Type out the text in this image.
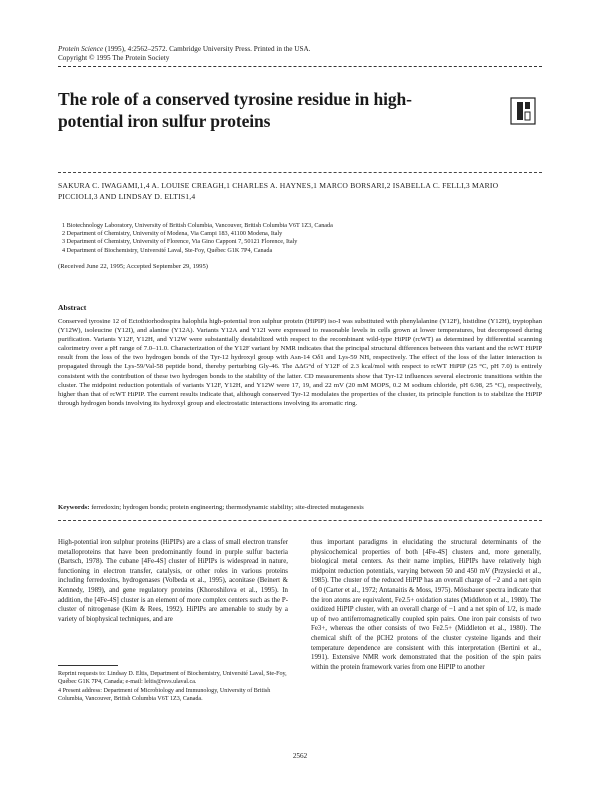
Protein Science (1995), 4:2562–2572. Cambridge University Press. Printed in the USA.
Copyright © 1995 The Protein Society
The role of a conserved tyrosine residue in high-potential iron sulfur proteins
SAKURA C. IWAGAMI,1,4 A. LOUISE CREAGH,1 CHARLES A. HAYNES,1 MARCO BORSARI,2 ISABELLA C. FELLI,3 MARIO PICCIOLI,3 AND LINDSAY D. ELTIS1,4
1 Biotechnology Laboratory, University of British Columbia, Vancouver, British Columbia V6T 1Z3, Canada
2 Department of Chemistry, University of Modena, Via Campi 183, 41100 Modena, Italy
3 Department of Chemistry, University of Florence, Via Gino Capponi 7, 50121 Florence, Italy
4 Department of Biochemistry, Université Laval, Ste-Foy, Québec G1K 7P4, Canada
(Received June 22, 1995; Accepted September 29, 1995)
Abstract

Conserved tyrosine 12 of Ectothiorhodospira halophila high-potential iron sulphur protein (HiPIP) iso-I was substituted with phenylalanine (Y12F), histidine (Y12H), tryptophan (Y12W), isoleucine (Y12I), and alanine (Y12A). Variants Y12A and Y12I were expressed to reasonable levels in cells grown at lower temperatures, but decomposed during purification. Variants Y12F, Y12H, and Y12W were substantially destabilized with respect to the recombinant wild-type HiPIP (rcWT) as determined by differential scanning calorimetry over a pH range of 7.0–11.0. Characterization of the Y12F variant by NMR indicates that the principal structural differences between this variant and the rcWT HiPIP result from the loss of the two hydrogen bonds of the Tyr-12 hydroxyl group with Asn-14 Oδ1 and Lys-59 NH, respectively. The effect of the loss of the latter interaction is propagated through the Lys-59/Val-58 peptide bond, thereby perturbing Gly-46. The ΔΔG°d of Y12F of 2.3 kcal/mol with respect to rcWT HiPIP (25 °C, pH 7.0) is entirely consistent with the contribution of these two hydrogen bonds to the stability of the latter. CD measurements show that Tyr-12 influences several electronic transitions within the cluster. The midpoint reduction potentials of variants Y12F, Y12H, and Y12W were 17, 19, and 22 mV (20 mM MOPS, 0.2 M sodium chloride, pH 6.98, 25 °C), respectively, higher than that of rcWT HiPIP. The current results indicate that, although conserved Tyr-12 modulates the properties of the cluster, its principle function is to stabilize the HiPIP through hydrogen bonds involving its hydroxyl group and electrostatic interactions involving its aromatic ring.

Keywords: ferredoxin; hydrogen bonds; protein engineering; thermodynamic stability; site-directed mutagenesis

High-potential iron sulphur proteins (HiPIPs) are a class of small electron transfer metalloproteins that have been predominantly found in purple sulfur bacteria (Bartsch, 1978). The cubane [4Fe-4S] cluster of HiPIPs is widespread in nature, functioning in electron transfer, catalysis, or other roles in various proteins including ferredoxins, hydrogenases (Volbeda et al., 1995), aconitase (Beinert & Kennedy, 1989), and gene regulatory proteins (Khoroshilova et al., 1995). In addition, the [4Fe-4S] cluster is an element of more complex centers such as the P-cluster of nitrogenase (Kim & Rees, 1992). HiPIPs are amenable to study by a variety of biophysical techniques, and are

thus important paradigms in elucidating the structural determinants of the physicochemical properties of both [4Fe-4S] clusters and, more generally, biological metal centers. As their name implies, HiPIPs have relatively high midpoint reduction potentials, varying between 50 and 450 mV (Przysiecki et al., 1985). The cluster of the reduced HiPIP has an overall charge of −2 and a net spin of 0 (Carter et al., 1972; Antanaitis & Moss, 1975). Mössbauer spectra indicate that the iron atoms are equivalent, Fe2.5+ oxidation states (Middleton et al., 1980). The oxidized HiPIP cluster, with an overall charge of −1 and a net spin of 1/2, is made up of two antiferromagnetically coupled spin pairs. One iron pair consists of two Fe3+, whereas the other consists of two Fe2.5+ (Middleton et al., 1980). The chemical shift of the βCH2 protons of the cluster cysteine ligands and their temperature dependence are consistent with this interpretation (Bertini et al., 1991). Extensive NMR work demonstrated that the position of the spin pairs within the protein framework varies from one HiPIP to another

Reprint requests to: Lindsay D. Eltis, Department of Biochemistry, Université Laval, Ste-Foy, Québec G1K 7P4, Canada; e-mail: leltis@rsvs.ulaval.ca.

4 Present address: Department of Microbiology and Immunology, University of British Columbia, Vancouver, British Columbia V6T 1Z3, Canada.

2562
